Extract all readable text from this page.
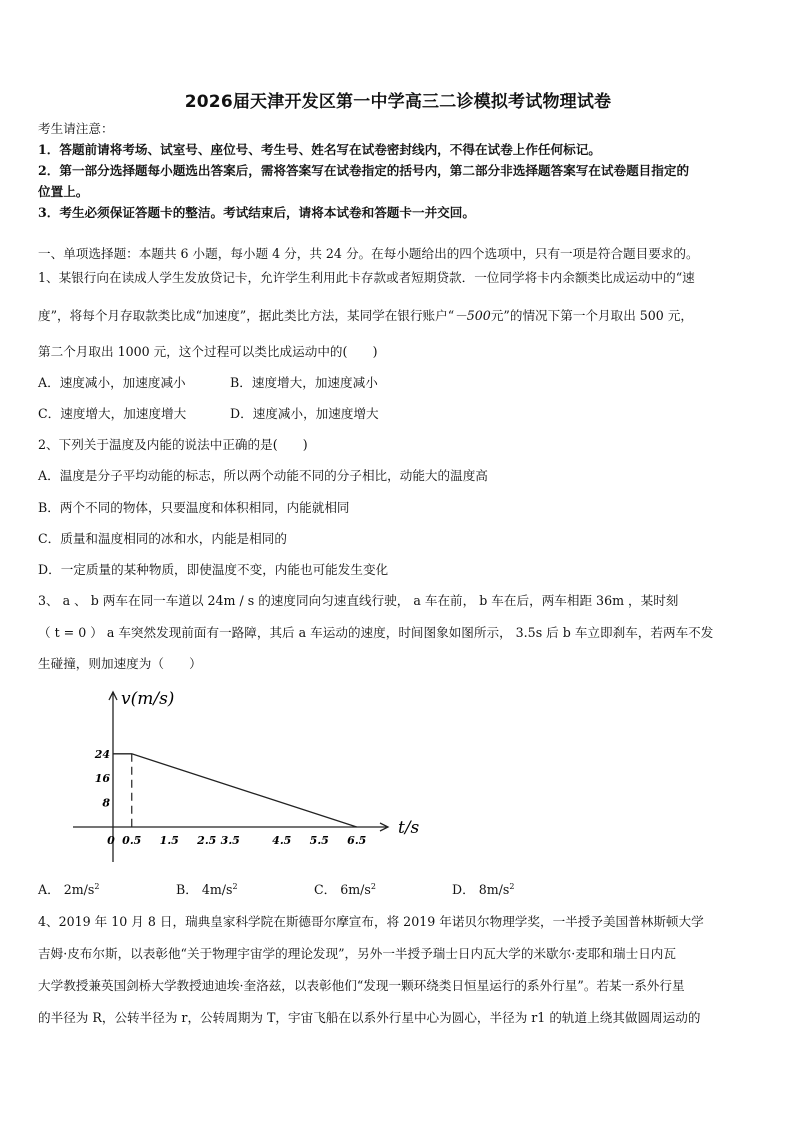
2026届天津开发区第一中学高三二诊模拟考试物理试卷
考生请注意：
1．答题前请将考场、试室号、座位号、考生号、姓名写在试卷密封线内，不得在试卷上作任何标记。
2．第一部分选择题每小题选出答案后，需将答案写在试卷指定的括号内，第二部分非选择题答案写在试卷题目指定的
位置上。
3．考生必须保证答题卡的整洁。考试结束后，请将本试卷和答题卡一并交回。
一、单项选择题：本题共 6 小题，每小题 4 分，共 24 分。在每小题给出的四个选项中，只有一项是符合题目要求的。
1、某银行向在读成人学生发放贷记卡，允许学生利用此卡存款或者短期贷款．一位同学将卡内余额类比成运动中的“速
度”，将每个月存取款类比成“加速度”，据此类比方法，某同学在银行账户“－500元”的情况下第一个月取出 500 元，
第二个月取出 1000 元，这个过程可以类比成运动中的(　　)
A．速度减小，加速度减小	B．速度增大，加速度减小
C．速度增大，加速度增大	D．速度减小，加速度增大
2、下列关于温度及内能的说法中正确的是(　　)
A．温度是分子平均动能的标志，所以两个动能不同的分子相比，动能大的温度高
B．两个不同的物体，只要温度和体积相同，内能就相同
C．质量和温度相同的冰和水，内能是相同的
D．一定质量的某种物质，即使温度不变，内能也可能发生变化
3、 a 、 b 两车在同一车道以 24m / s 的速度同向匀速直线行驶， a 车在前， b 车在后，两车相距 36m ，某时刻
（ t = 0 ） a 车突然发现前面有一路障，其后 a 车运动的速度，时间图象如图所示， 3.5s 后 b 车立即刹车，若两车不发
生碰撞，则加速度为（　　）
v(m/s)
t/s
24
16
8
0 0.5 1.5 2.5 3.5	4.5 5.5 6.5
A． $2m/s^2$	B． $4m/s^2$	C． $6m/s^2$	D． $8m/s^2$
4、2019 年 10 月 8 日，瑞典皇家科学院在斯德哥尔摩宣布，将 2019 年诺贝尔物理学奖，一半授予美国普林斯顿大学
吉姆·皮布尔斯，以表彰他“关于物理宇宙学的理论发现”，另外一半授予瑞士日内瓦大学的米歇尔·麦耶和瑞士日内瓦
大学教授兼英国剑桥大学教授迪迪埃·奎洛兹，以表彰他们“发现一颗环绕类日恒星运行的系外行星”。若某一系外行星
的半径为 R，公转半径为 r，公转周期为 T，宇宙飞船在以系外行星中心为圆心，半径为 r1 的轨道上绕其做圆周运动的
